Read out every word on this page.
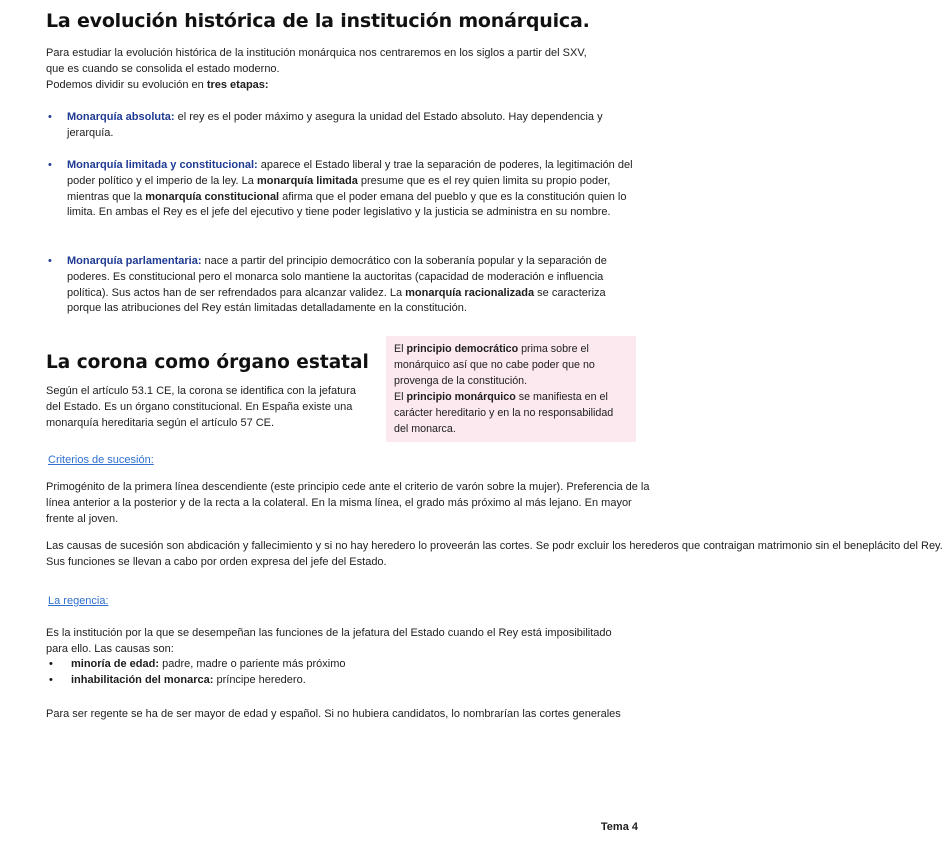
La evolución histórica de la institución monárquica.

Para estudiar la evolución histórica de la institución monárquica nos centraremos en los siglos a partir del SXV, que es cuando se consolida el estado moderno.

Podemos dividir su evolución en tres etapas:

• Monarquía absoluta: el rey es el poder máximo y asegura la unidad del Estado absoluto. Hay dependencia y jerarquía.
• Monarquía limitada y constitucional: aparece el Estado liberal y trae la separación de poderes, la legitimación del poder político y el imperio de la ley. La monarquía limitada presume que es el rey quien limita su propio poder, mientras que la monarquía constitucional afirma que el poder emana del pueblo y que es la constitución quien lo limita. En ambas el Rey es el jefe del ejecutivo y tiene poder legislativo y la justicia se administra en su nombre.
• Monarquía parlamentaria: nace a partir del principio democrático con la soberanía popular y la separación de poderes. Es constitucional pero el monarca solo mantiene la auctoritas (capacidad de moderación e influencia política). Sus actos han de ser refrendados para alcanzar validez. La monarquía racionalizada se caracteriza porque las atribuciones del Rey están limitadas detalladamente en la constitución.
La corona como órgano estatal

Según el artículo 53.1 CE, la corona se identifica con la jefatura del Estado. Es un órgano constitucional. En España existe una monarquía hereditaria según el artículo 57 CE.

El principio democrático prima sobre el monárquico así que no cabe poder que no provenga de la constitución.

El principio monárquico se manifiesta en el carácter hereditario y en la no responsabilidad del monarca.

Criterios de sucesión:

Primogénito de la primera línea descendiente (este principio cede ante el criterio de varón sobre la mujer). Preferencia de la línea anterior a la posterior y de la recta a la colateral. En la misma línea, el grado más próximo al más lejano. En mayor frente al joven.

Las causas de sucesión son abdicación y fallecimiento y si no hay heredero lo proveerán las cortes. Se podr excluir los herederos que contraigan matrimonio sin el beneplácito del Rey.

Sus funciones se llevan a cabo por orden expresa del jefe del Estado.

La regencia:

Es la institución por la que se desempeñan las funciones de la jefatura del Estado cuando el Rey está imposibilitado para ello. Las causas son:

• minoría de edad: padre, madre o pariente más próximo
• inhabilitación del monarca: príncipe heredero.

Para ser regente se ha de ser mayor de edad y español. Si no hubiera candidatos, lo nombrarían las cortes generales

Tema 4
